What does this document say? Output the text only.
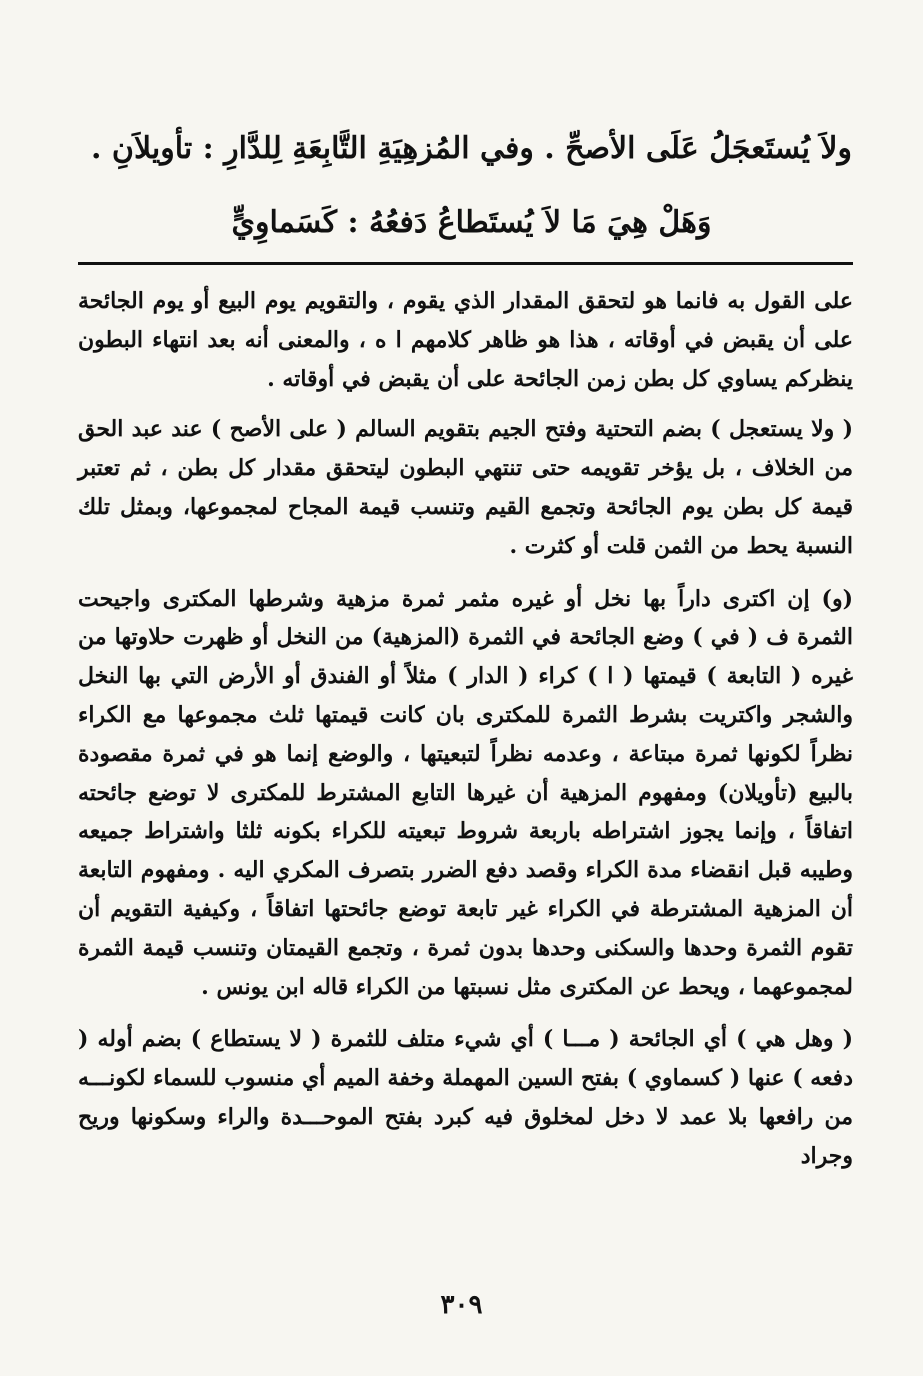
ولاَ يُستَعجَلُ عَلَى الأصحِّ . وفي المُزهِيَةِ التَّابِعَةِ لِلدَّارِ : تأويلاَنِ .
وَهَلْ هِيَ مَا لاَ يُستَطاعُ دَفعُهُ : كَسَماوِيٍّ

على القول به فانما هو لتحقق المقدار الذي يقوم ، والتقويم يوم البيع أو يوم الجائحة على أن يقبض في أوقاته ، هذا هو ظاهر كلامهم ا ه ، والمعنى أنه بعد انتهاء البطون ينظركم يساوي كل بطن زمن الجائحة على أن يقبض في أوقاته .

( ولا يستعجل ) بضم التحتية وفتح الجيم بتقويم السالم ( على الأصح ) عند عبد الحق من الخلاف ، بل يؤخر تقويمه حتى تنتهي البطون ليتحقق مقدار كل بطن ، ثم تعتبر قيمة كل بطن يوم الجائحة وتجمع القيم وتنسب قيمة المجاح لمجموعها، وبمثل تلك النسبة يحط من الثمن قلت أو كثرت .

(و) إن اكترى داراً بها نخل أو غيره مثمر ثمرة مزهية وشرطها المكترى واجيحت الثمرة ف ( في ) وضع الجائحة في الثمرة (المزهية) من النخل أو ظهرت حلاوتها من غيره ( التابعة ) قيمتها ( ا ) كراء ( الدار ) مثلاً أو الفندق أو الأرض التي بها النخل والشجر واكتريت بشرط الثمرة للمكترى بان كانت قيمتها ثلث مجموعها مع الكراء نظراً لكونها ثمرة مبتاعة ، وعدمه نظراً لتبعيتها ، والوضع إنما هو في ثمرة مقصودة بالبيع (تأويلان) ومفهوم المزهية أن غيرها التابع المشترط للمكترى لا توضع جائحته اتفاقاً ، وإنما يجوز اشتراطه باربعة شروط تبعيته للكراء بكونه ثلثا واشتراط جميعه وطيبه قبل انقضاء مدة الكراء وقصد دفع الضرر بتصرف المكري اليه . ومفهوم التابعة أن المزهية المشترطة في الكراء غير تابعة توضع جائحتها اتفاقاً ، وكيفية التقويم أن تقوم الثمرة وحدها والسكنى وحدها بدون ثمرة ، وتجمع القيمتان وتنسب قيمة الثمرة لمجموعهما ، ويحط عن المكترى مثل نسبتها من الكراء قاله ابن يونس .

( وهل هي ) أي الجائحة ( مـــا ) أي شيء متلف للثمرة ( لا يستطاع ) بضم أوله ( دفعه ) عنها ( كسماوي ) بفتح السين المهملة وخفة الميم أي منسوب للسماء لكونـــه من رافعها بلا عمد لا دخل لمخلوق فيه كبرد بفتح الموحـــدة والراء وسكونها وريح وجراد

٣٠٩
